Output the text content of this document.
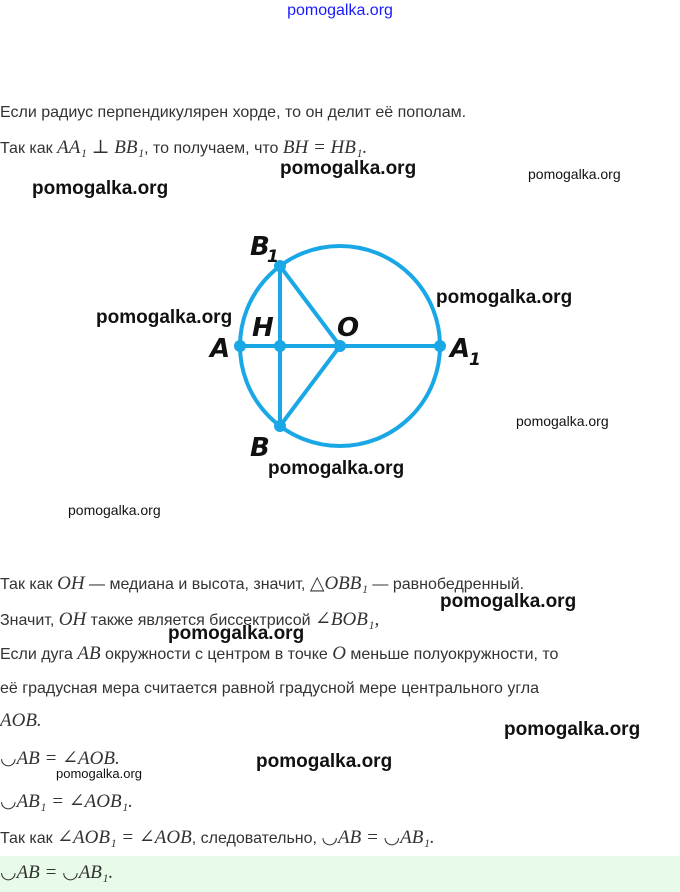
pomogalka.org
Если радиус перпендикулярен хорде, то он делит её пополам.
Так как AA₁ ⊥ BB₁, то получаем, что BH = HB₁.
A
H O
A
1
B
1
B
Так как OH — медиана и высота, значит, △OBB₁ — равнобедренный.
Значит, OH также является биссектрисой ∠BOB₁,
Если дуга AB окружности с центром в точке O меньше полуокружности, то
её градусная мера считается равной градусной мере центрального угла
AOB.
◡AB = ∠AOB.
◡AB₁ = ∠AOB₁.
Так как ∠AOB₁ = ∠AOB, следовательно, ◡AB = ◡AB₁.
◡AB = ◡AB₁.
pomogalka.org
pomogalka.org	pomogalka.org
pomogalka.org
pomogalka.org
pomogalka.org
pomogalka.org
pomogalka.org
pomogalka.org
pomogalka.org
pomogalka.org
pomogalka.org
pomogalka.org
